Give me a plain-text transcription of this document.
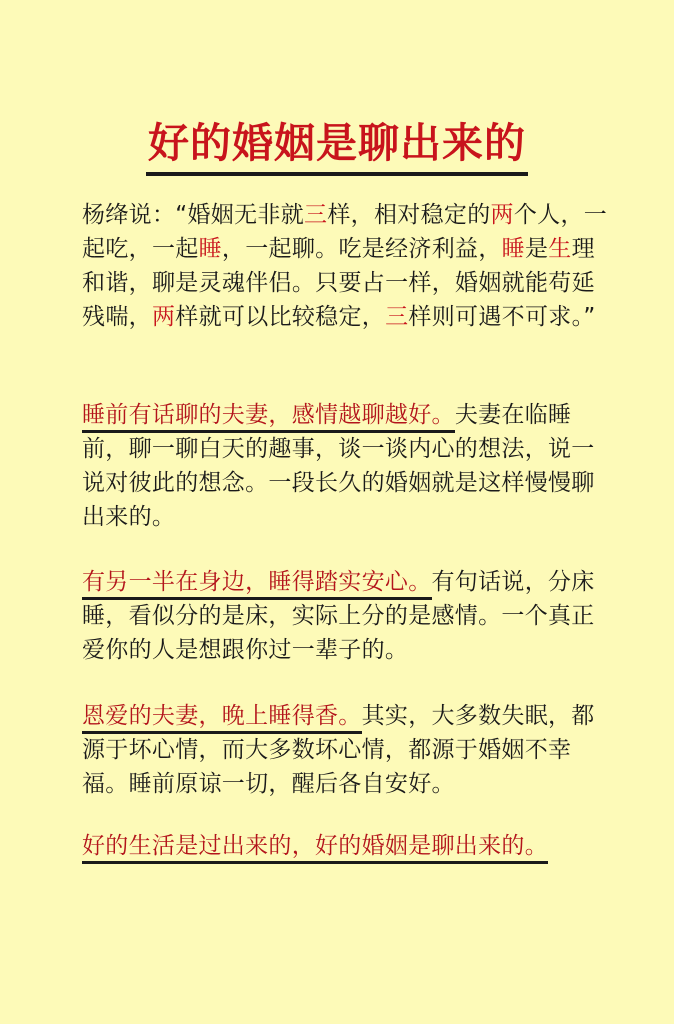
好的婚姻是聊出来的
杨绛说：“婚姻无非就三样，相对稳定的两个人，一起吃，一起睡，一起聊。吃是经济利益，睡是生理和谐，聊是灵魂伴侣。只要占一样，婚姻就能苟延残喘，两样就可以比较稳定，三样则可遇不可求。”
睡前有话聊的夫妻，感情越聊越好。夫妻在临睡前，聊一聊白天的趣事，谈一谈内心的想法，说一说对彼此的想念。一段长久的婚姻就是这样慢慢聊出来的。
有另一半在身边，睡得踏实安心。有句话说，分床睡，看似分的是床，实际上分的是感情。一个真正爱你的人是想跟你过一辈子的。
恩爱的夫妻，晚上睡得香。其实，大多数失眠，都源于坏心情，而大多数坏心情，都源于婚姻不幸福。睡前原谅一切，醒后各自安好。
好的生活是过出来的，好的婚姻是聊出来的。
